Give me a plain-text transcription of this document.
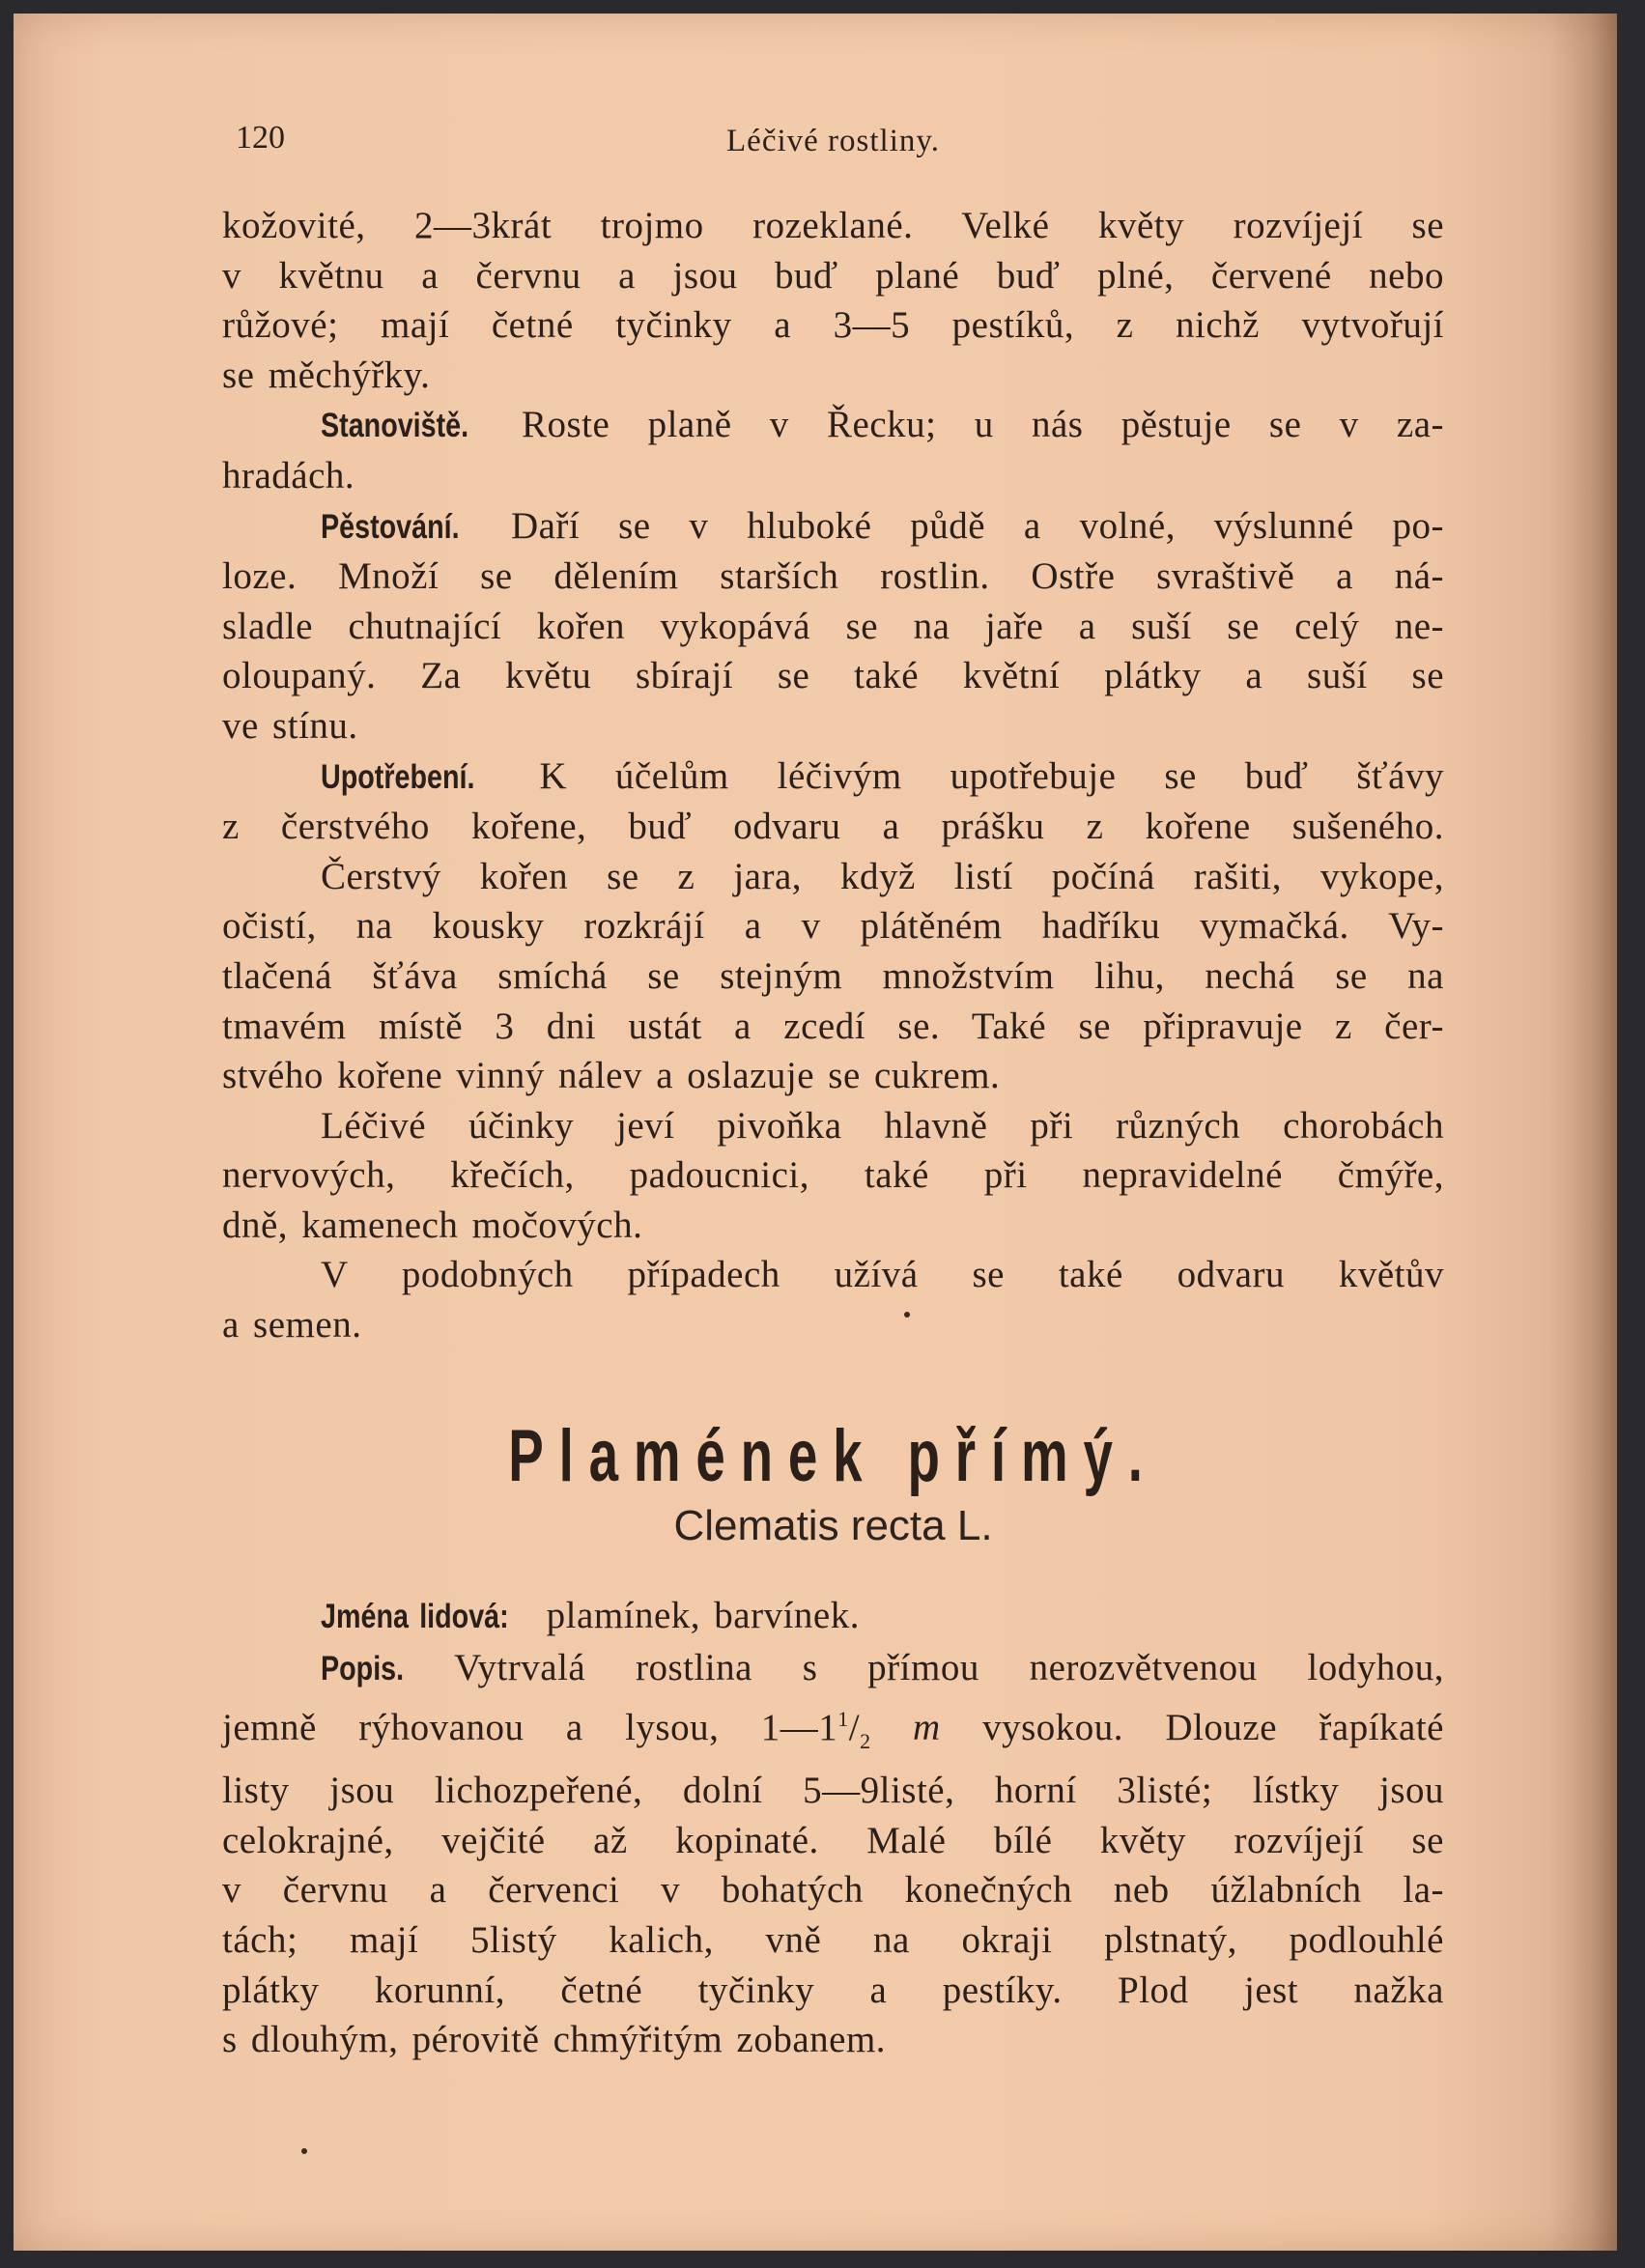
120	Léčivé rostliny.
kožovité, 2—3krát trojmo rozeklané. Velké květy rozvíjejí se
v květnu a červnu a jsou buď plané buď plné, červené nebo
růžové; mají četné tyčinky a 3—5 pestíků, z nichž vytvořují
se měchýřky.
Stanoviště. Roste planě v Řecku; u nás pěstuje se v za-
hradách.
Pěstování. Daří se v hluboké půdě a volné, výslunné po-
loze. Množí se dělením starších rostlin. Ostře svraštivě a ná-
sladle chutnající kořen vykopává se na jaře a suší se celý ne-
oloupaný. Za květu sbírají se také květní plátky a suší se
ve stínu.
Upotřebení. K účelům léčivým upotřebuje se buď šťávy
z čerstvého kořene, buď odvaru a prášku z kořene sušeného.
Čerstvý kořen se z jara, když listí počíná rašiti, vykope,
očistí, na kousky rozkrájí a v plátěném hadříku vymačká. Vy-
tlačená šťáva smíchá se stejným množstvím lihu, nechá se na
tmavém místě 3 dni ustát a zcedí se. Také se připravuje z čer-
stvého kořene vinný nálev a oslazuje se cukrem.
Léčivé účinky jeví pivoňka hlavně při různých chorobách
nervových, křečích, padoucnici, také při nepravidelné čmýře,
dně, kamenech močových.
V podobných případech užívá se také odvaru květův
a semen.
Plamének přímý.
Clematis recta L.
Jména lidová: plamínek, barvínek.
Popis. Vytrvalá rostlina s přímou nerozvětvenou lodyhou,
jemně rýhovanou a lysou, $1—1^1/_2$ m vysokou. Dlouze řapíkaté
listy jsou lichozpeřené, dolní 5—9listé, horní 3listé; lístky jsou
celokrajné, vejčité až kopinaté. Malé bílé květy rozvíjejí se
v červnu a červenci v bohatých konečných neb úžlabních la-
tách; mají 5listý kalich, vně na okraji plstnatý, podlouhlé
plátky korunní, četné tyčinky a pestíky. Plod jest nažka
s dlouhým, pérovitě chmýřitým zobanem.
